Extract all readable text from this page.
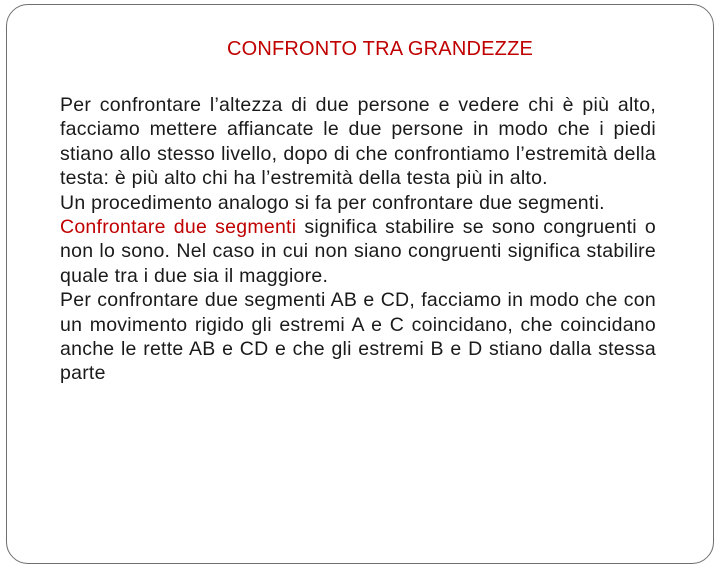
CONFRONTO TRA GRANDEZZE

Per confrontare l’altezza di due persone e vedere chi è più alto, facciamo mettere affiancate le due persone in modo che i piedi stiano allo stesso livello, dopo di che confrontiamo l’estremità della testa: è più alto chi ha l’estremità della testa più in alto.

Un procedimento analogo si fa per confrontare due segmenti.

Confrontare due segmenti significa stabilire se sono congruenti o non lo sono. Nel caso in cui non siano congruenti significa stabilire quale tra i due sia il maggiore.

Per confrontare due segmenti AB e CD, facciamo in modo che con un movimento rigido gli estremi A e C coincidano, che coincidano anche le rette AB e CD e che gli estremi B e D stiano dalla stessa parte
